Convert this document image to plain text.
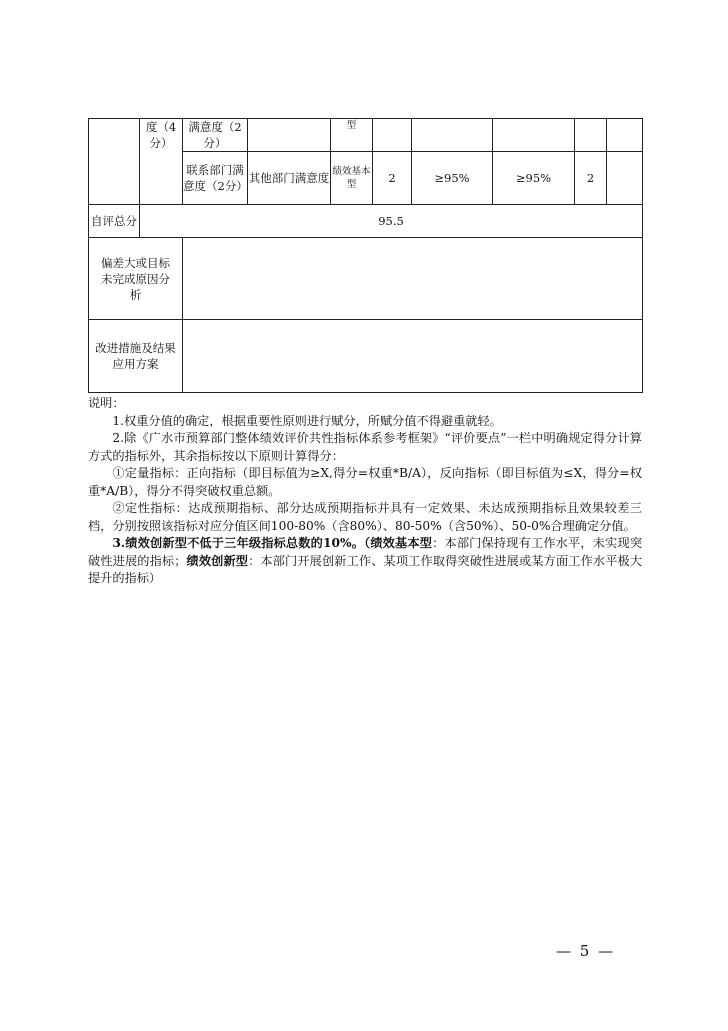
	度（4分）	满意度（2分）		型					
		联系部门满意度（2分）	其他部门满意度	绩效基本型	2	≥95%	≥95%	2	
自评总分	95.5								
偏差大或目标未完成原因分析									
改进措施及结果应用方案									

说明：

1.权重分值的确定，根据重要性原则进行赋分，所赋分值不得避重就轻。

2.除《广水市预算部门整体绩效评价共性指标体系参考框架》“评价要点”一栏中明确规定得分计算方式的指标外，其余指标按以下原则计算得分：

①定量指标：正向指标（即目标值为≥X,得分=权重*B/A），反向指标（即目标值为≤X，得分=权重*A/B），得分不得突破权重总额。

②定性指标：达成预期指标、部分达成预期指标并具有一定效果、未达成预期指标且效果较差三档，分别按照该指标对应分值区间100-80%（含80%）、80-50%（含50%）、50-0%合理确定分值。

3.绩效创新型不低于三年级指标总数的10%。（绩效基本型：本部门保持现有工作水平，未实现突破性进展的指标；绩效创新型：本部门开展创新工作、某项工作取得突破性进展或某方面工作水平极大提升的指标）

— 5 —
